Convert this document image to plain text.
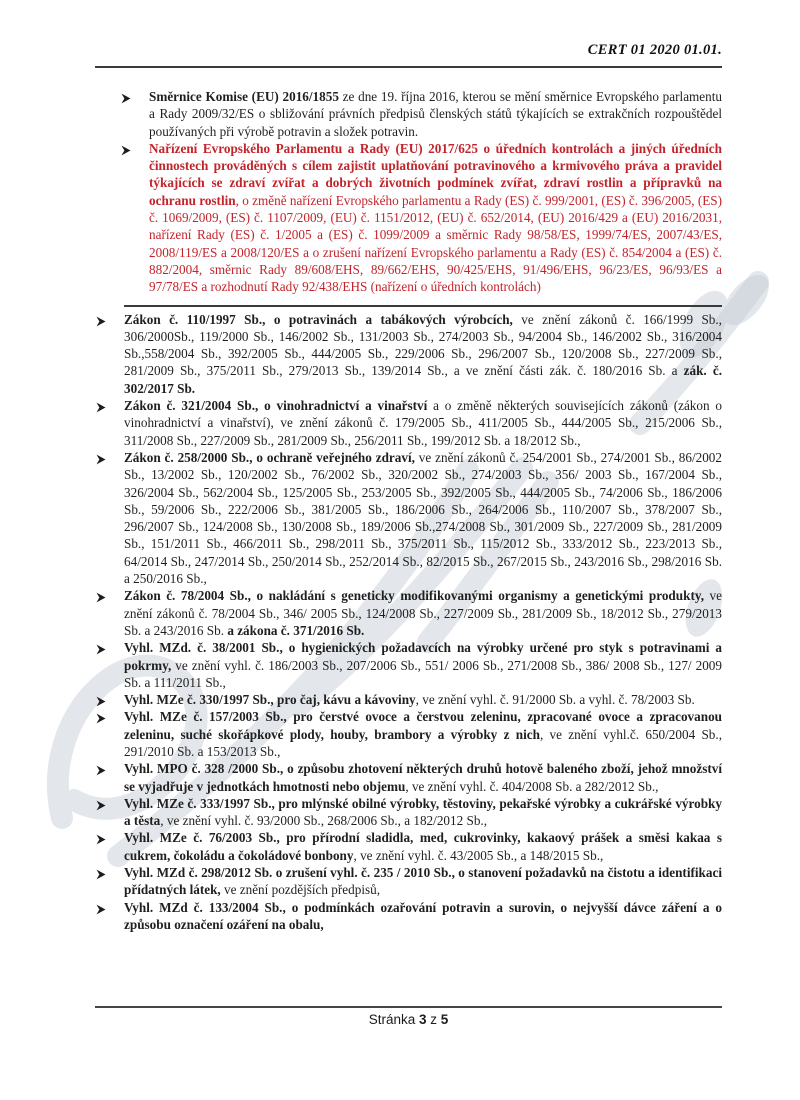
CERT 01 2020 01.01.
Směrnice Komise (EU) 2016/1855 ze dne 19. října 2016, kterou se mění směrnice Evropského parlamentu a Rady 2009/32/ES o sbližování právních předpisů členských států týkajících se extrakčních rozpouštědel používaných při výrobě potravin a složek potravin.
Nařízení Evropského Parlamentu a Rady (EU) 2017/625 o úředních kontrolách a jiných úředních činnostech prováděných s cílem zajistit uplatňování potravinového a krmivového práva a pravidel týkajících se zdraví zvířat a dobrých životních podmínek zvířat, zdraví rostlin a přípravků na ochranu rostlin, o změně nařízení Evropského parlamentu a Rady (ES) č. 999/2001, (ES) č. 396/2005, (ES) č. 1069/2009, (ES) č. 1107/2009, (EU) č. 1151/2012, (EU) č. 652/2014, (EU) 2016/429 a (EU) 2016/2031, nařízení Rady (ES) č. 1/2005 a (ES) č. 1099/2009 a směrnic Rady 98/58/ES, 1999/74/ES, 2007/43/ES, 2008/119/ES a 2008/120/ES a o zrušení nařízení Evropského parlamentu a Rady (ES) č. 854/2004 a (ES) č. 882/2004, směrnic Rady 89/608/EHS, 89/662/EHS, 90/425/EHS, 91/496/EHS, 96/23/ES, 96/93/ES a 97/78/ES a rozhodnutí Rady 92/438/EHS (nařízení o úředních kontrolách)
Zákon č. 110/1997 Sb., o potravinách a tabákových výrobcích, ve znění zákonů č. 166/1999 Sb., 306/2000Sb., 119/2000 Sb., 146/2002 Sb., 131/2003 Sb., 274/2003 Sb., 94/2004 Sb., 146/2002 Sb., 316/2004 Sb.,558/2004 Sb., 392/2005 Sb., 444/2005 Sb., 229/2006 Sb., 296/2007 Sb., 120/2008 Sb., 227/2009 Sb., 281/2009 Sb., 375/2011 Sb., 279/2013 Sb., 139/2014 Sb., a ve znění části zák. č. 180/2016 Sb. a zák. č. 302/2017 Sb.
Zákon č. 321/2004 Sb., o vinohradnictví a vinařství a o změně některých souvisejících zákonů (zákon o vinohradnictví a vinařství), ve znění zákonů č. 179/2005 Sb., 411/2005 Sb., 444/2005 Sb., 215/2006 Sb., 311/2008 Sb., 227/2009 Sb., 281/2009 Sb., 256/2011 Sb., 199/2012 Sb. a 18/2012 Sb.,
Zákon č. 258/2000 Sb., o ochraně veřejného zdraví, ve znění zákonů č. 254/2001 Sb., 274/2001 Sb., 86/2002 Sb., 13/2002 Sb., 120/2002 Sb., 76/2002 Sb., 320/2002 Sb., 274/2003 Sb., 356/ 2003 Sb., 167/2004 Sb., 326/2004 Sb., 562/2004 Sb., 125/2005 Sb., 253/2005 Sb., 392/2005 Sb., 444/2005 Sb., 74/2006 Sb., 186/2006 Sb., 59/2006 Sb., 222/2006 Sb., 381/2005 Sb., 186/2006 Sb., 264/2006 Sb., 110/2007 Sb., 378/2007 Sb., 296/2007 Sb., 124/2008 Sb., 130/2008 Sb., 189/2006 Sb.,274/2008 Sb., 301/2009 Sb., 227/2009 Sb., 281/2009 Sb., 151/2011 Sb., 466/2011 Sb., 298/2011 Sb., 375/2011 Sb., 115/2012 Sb., 333/2012 Sb., 223/2013 Sb., 64/2014 Sb., 247/2014 Sb., 250/2014 Sb., 252/2014 Sb., 82/2015 Sb., 267/2015 Sb., 243/2016 Sb., 298/2016 Sb. a 250/2016 Sb.,
Zákon č. 78/2004 Sb., o nakládání s geneticky modifikovanými organismy a genetickými produkty, ve znění zákonů č. 78/2004 Sb., 346/ 2005 Sb., 124/2008 Sb., 227/2009 Sb., 281/2009 Sb., 18/2012 Sb., 279/2013 Sb. a 243/2016 Sb. a zákona č. 371/2016 Sb.
Vyhl. MZd. č. 38/2001 Sb., o hygienických požadavcích na výrobky určené pro styk s potravinami a pokrmy, ve znění vyhl. č. 186/2003 Sb., 207/2006 Sb., 551/ 2006 Sb., 271/2008 Sb., 386/ 2008 Sb., 127/ 2009 Sb. a 111/2011 Sb.,
Vyhl. MZe č. 330/1997 Sb., pro čaj, kávu a kávoviny, ve znění vyhl. č. 91/2000 Sb. a vyhl. č. 78/2003 Sb.
Vyhl. MZe č. 157/2003 Sb., pro čerstvé ovoce a čerstvou zeleninu, zpracované ovoce a zpracovanou zeleninu, suché skořápkové plody, houby, brambory a výrobky z nich, ve znění vyhl.č. 650/2004 Sb., 291/2010 Sb. a 153/2013 Sb.,
Vyhl. MPO č. 328 /2000 Sb., o způsobu zhotovení některých druhů hotově baleného zboží, jehož množství se vyjadřuje v jednotkách hmotnosti nebo objemu, ve znění vyhl. č. 404/2008 Sb. a 282/2012 Sb.,
Vyhl. MZe č. 333/1997 Sb., pro mlýnské obilné výrobky, těstoviny, pekařské výrobky a cukrářské výrobky a těsta, ve znění vyhl. č. 93/2000 Sb., 268/2006 Sb., a 182/2012 Sb.,
Vyhl. MZe č. 76/2003 Sb., pro přírodní sladidla, med, cukrovinky, kakaový prášek a směsi kakaa s cukrem, čokoládu a čokoládové bonbony, ve znění vyhl. č. 43/2005 Sb., a 148/2015 Sb.,
Vyhl. MZd č. 298/2012 Sb. o zrušení vyhl. č. 235 / 2010 Sb., o stanovení požadavků na čistotu a identifikaci přídatných látek, ve znění pozdějších předpisů,
Vyhl. MZd č. 133/2004 Sb., o podmínkách ozařování potravin a surovin, o nejvyšší dávce záření a o způsobu označení ozáření na obalu,
Stránka 3 z 5
